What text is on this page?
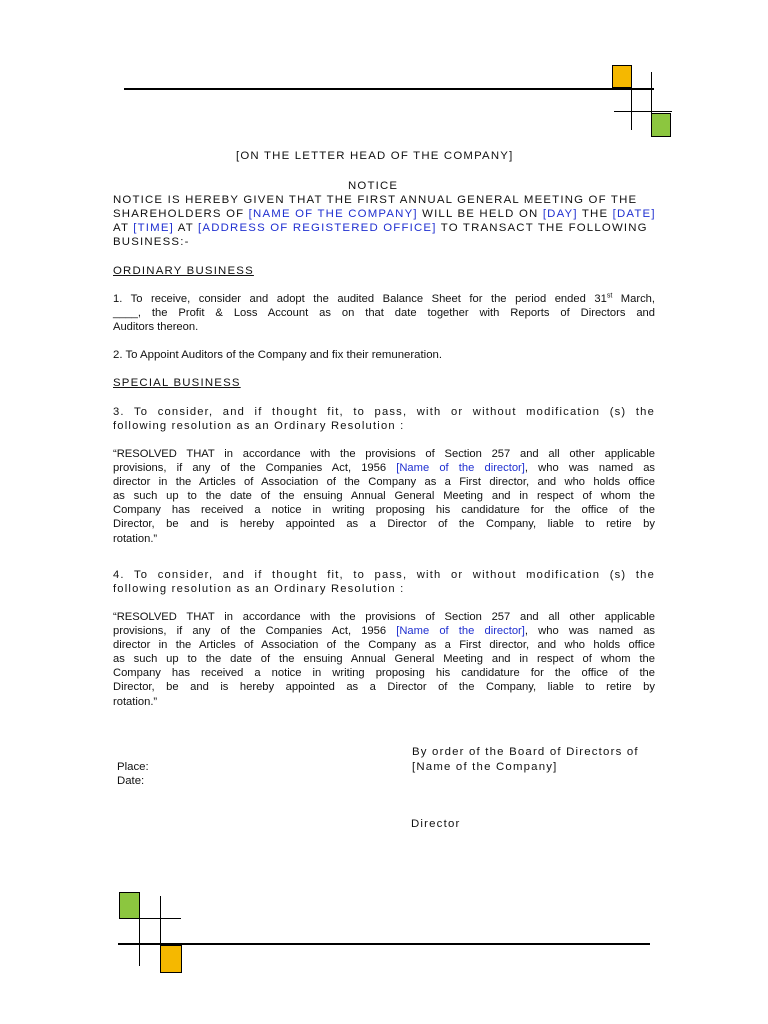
[ON THE LETTER HEAD OF THE COMPANY]
NOTICE
NOTICE IS HEREBY GIVEN THAT THE FIRST ANNUAL GENERAL MEETING OF THE
SHAREHOLDERS OF [NAME OF THE COMPANY] WILL BE HELD ON [DAY] THE [DATE]
AT [TIME] AT [ADDRESS OF REGISTERED OFFICE] TO TRANSACT THE FOLLOWING
BUSINESS:-
ORDINARY BUSINESS
1. To receive, consider and adopt the audited Balance Sheet for the period ended 31st March,
____, the Profit & Loss Account as on that date together with Reports of Directors and
Auditors thereon.
2. To Appoint Auditors of the Company and fix their remuneration.
SPECIAL BUSINESS
3. To consider, and if thought fit, to pass, with or without modification (s) the
following resolution as an Ordinary Resolution :
“RESOLVED THAT in accordance with the provisions of Section 257 and all other applicable
provisions, if any of the Companies Act, 1956 [Name of the director], who was named as
director in the Articles of Association of the Company as a First director, and who holds office
as such up to the date of the ensuing Annual General Meeting and in respect of whom the
Company has received a notice in writing proposing his candidature for the office of the
Director, be and is hereby appointed as a Director of the Company, liable to retire by
rotation.”
4. To consider, and if thought fit, to pass, with or without modification (s) the
following resolution as an Ordinary Resolution :
“RESOLVED THAT in accordance with the provisions of Section 257 and all other applicable
provisions, if any of the Companies Act, 1956 [Name of the director], who was named as
director in the Articles of Association of the Company as a First director, and who holds office
as such up to the date of the ensuing Annual General Meeting and in respect of whom the
Company has received a notice in writing proposing his candidature for the office of the
Director, be and is hereby appointed as a Director of the Company, liable to retire by
rotation.”
By order of the Board of Directors of
[Name of the Company]
Place:
Date:
Director
